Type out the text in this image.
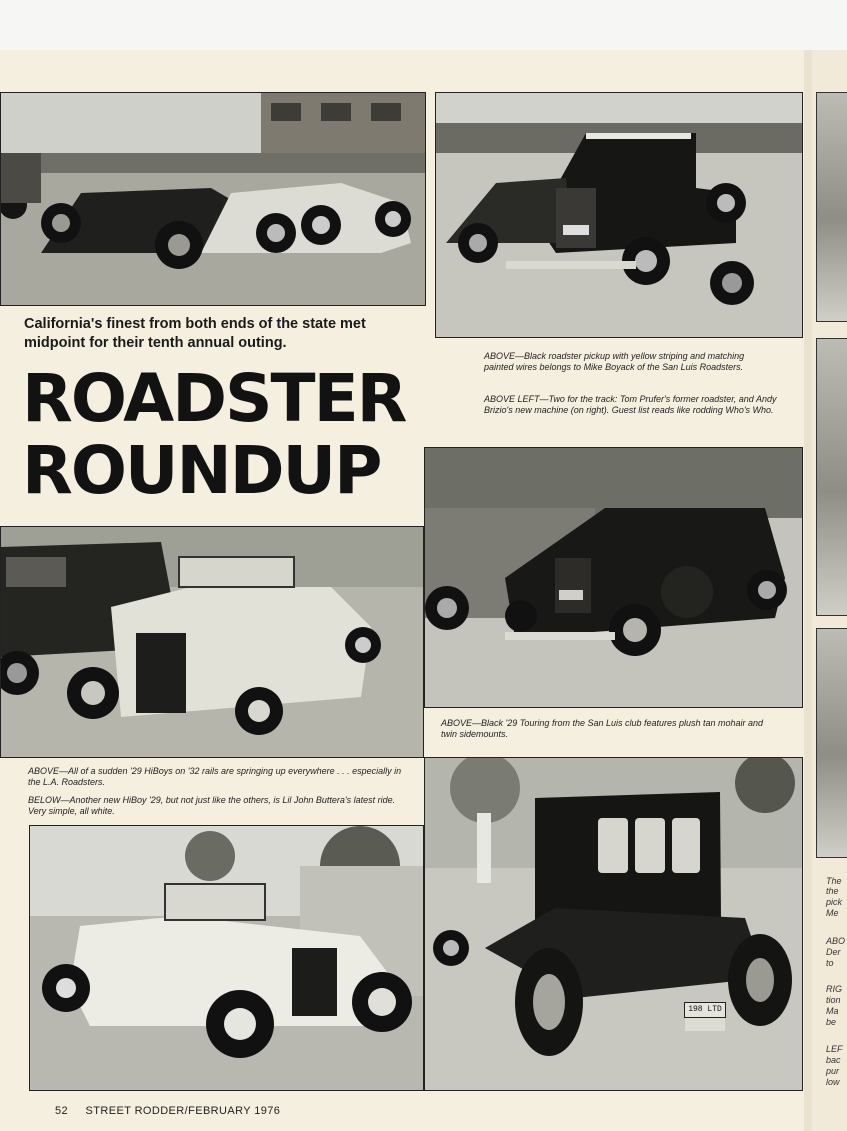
198 LTD
California's finest from both ends of the state met midpoint for their tenth annual outing.
ROADSTER
ROUNDUP
ABOVE—Black roadster pickup with yellow striping and matching painted wires belongs to Mike Boyack of the San Luis Roadsters.
ABOVE LEFT—Two for the track: Tom Prufer's former roadster, and Andy Brizio's new machine (on right). Guest list reads like rodding Who's Who.
ABOVE—Black '29 Touring from the San Luis club features plush tan mohair and twin sidemounts.
ABOVE—All of a sudden '29 HiBoys on '32 rails are springing up everywhere . . . especially in the L.A. Roadsters.
BELOW—Another new HiBoy '29, but not just like the others, is Lil John Buttera's latest ride. Very simple, all white.
52 STREET RODDER/FEBRUARY 1976
The
the
pick
Me
ABO
Der
to
RIG
tion
Ma
be
LEF
bac
pur
low
